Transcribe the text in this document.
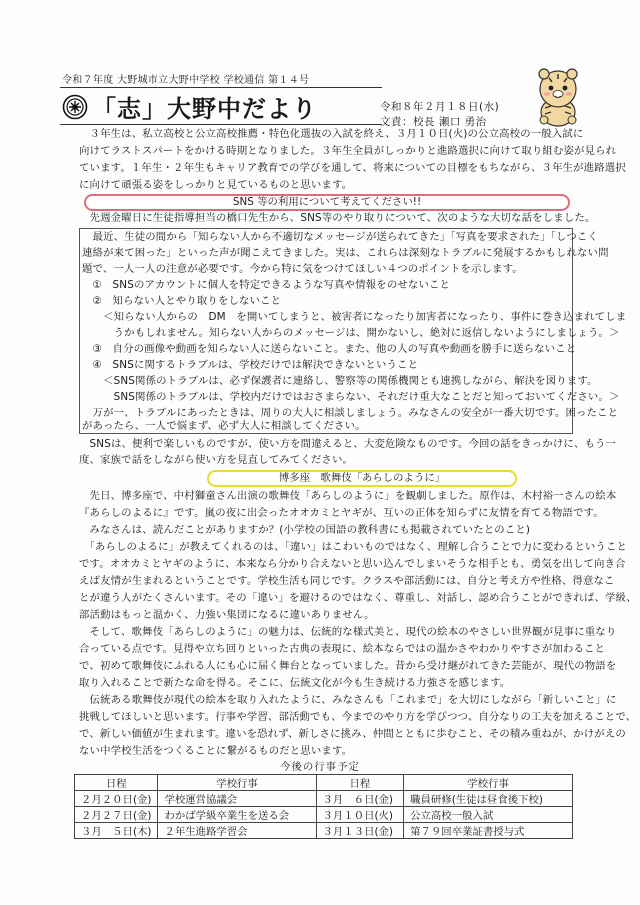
令和７年度 大野城市立大野中学校 学校通信 第１４号
「志」大野中だより	令和８年２月１８日(水)
文責：校長 瀬口 勇治
　３年生は、私立高校と公立高校推薦・特色化選抜の入試を終え、３月１０日(火)の公立高校の一般入試に
向けてラストスパートをかける時期となりました。３年生全員がしっかりと進路選択に向けて取り組む姿が見られ
ています。１年生・２年生もキャリア教育での学びを通して、将来についての目標をもちながら、３年生が進路選択
に向けて頑張る姿をしっかりと見ているものと思います。
SNS 等の利用について考えてください!!
　先週金曜日に生徒指導担当の橋口先生から、SNS等のやり取りについて、次のような大切な話をしました。
　最近、生徒の間から「知らない人から不適切なメッセージが送られてきた」「写真を要求された」「しつこく
連絡が来て困った」といった声が聞こえてきました。実は、これらは深刻なトラブルに発展するかもしれない問
題で、一人一人の注意が必要です。今から特に気をつけてほしい４つのポイントを示します。
　①　SNSのアカウントに個人を特定できるような写真や情報をのせないこと
　②　知らない人とやり取りをしないこと
　　＜知らない人からの　DM　を開いてしまうと、被害者になったり加害者になったり、事件に巻き込まれてしま
　　　うかもしれません。知らない人からのメッセージは、開かないし、絶対に返信しないようにしましょう。＞
　③　自分の画像や動画を知らない人に送らないこと。また、他の人の写真や動画を勝手に送らないこと
　④　SNSに関するトラブルは、学校だけでは解決できないということ
　　＜SNS関係のトラブルは、必ず保護者に連絡し、警察等の関係機関とも連携しながら、解決を図ります。
　　　SNS関係のトラブルは、学校内だけではおさまらない、それだけ重大なことだと知っておいてください。＞
　万が一、トラブルにあったときは、周りの大人に相談しましょう。みなさんの安全が一番大切です。困ったこと
があったら、一人で悩まず、必ず大人に相談してください。
　SNSは、便利で楽しいものですが、使い方を間違えると、大変危険なものです。今回の話をきっかけに、もう一
度、家族で話をしながら使い方を見直してみてください。
博多座　歌舞伎「あらしのように」
　先日、博多座で、中村獅童さん出演の歌舞伎「あらしのように」を観劇しました。原作は、木村裕一さんの絵本
『あらしのよるに』です。嵐の夜に出会ったオオカミとヤギが、互いの正体を知らずに友情を育てる物語です。
　みなさんは、読んだことがありますか？(小学校の国語の教科書にも掲載されていたとのこと)
　「あらしのよるに」が教えてくれるのは、「違い」はこわいものではなく、理解し合うことで力に変わるということ
です。オオカミとヤギのように、本来なら分かり合えないと思い込んでしまいそうな相手とも、勇気を出して向き合
えば友情が生まれるということです。学校生活も同じです。クラスや部活動には、自分と考え方や性格、得意なこ
とが違う人がたくさんいます。その「違い」を避けるのではなく、尊重し、対話し、認め合うことができれば、学級、
部活動はもっと温かく、力強い集団になるに違いありません。
　そして、歌舞伎「あらしのように」の魅力は、伝統的な様式美と、現代の絵本のやさしい世界観が見事に重なり
合っている点です。見得や立ち回りといった古典の表現に、絵本ならではの温かさやわかりやすさが加わること
で、初めて歌舞伎にふれる人にも心に届く舞台となっていました。昔から受け継がれてきた芸能が、現代の物語を
取り入れることで新たな命を得る。そこに、伝統文化が今も生き続ける力強さを感じます。
　伝統ある歌舞伎が現代の絵本を取り入れたように、みなさんも「これまで」を大切にしながら「新しいこと」に
挑戦してほしいと思います。行事や学習、部活動でも、今までのやり方を学びつつ、自分なりの工夫を加えることで、
で、新しい価値が生まれます。違いを恐れず、新しさに挑み、仲間とともに歩むこと、その積み重ねが、かけがえの
ない中学校生活をつくることに繋がるものだと思います。
今後の行事予定
日程	学校行事	日程	学校行事
２月２０日(金)	学校運営協議会	３月　６日(金)	職員研修(生徒は昼食後下校)
２月２７日(金)	わかば学級卒業生を送る会	３月１０日(火)	公立高校一般入試
３月　５日(木)	２年生進路学習会	３月１３日(金)	第７９回卒業証書授与式
